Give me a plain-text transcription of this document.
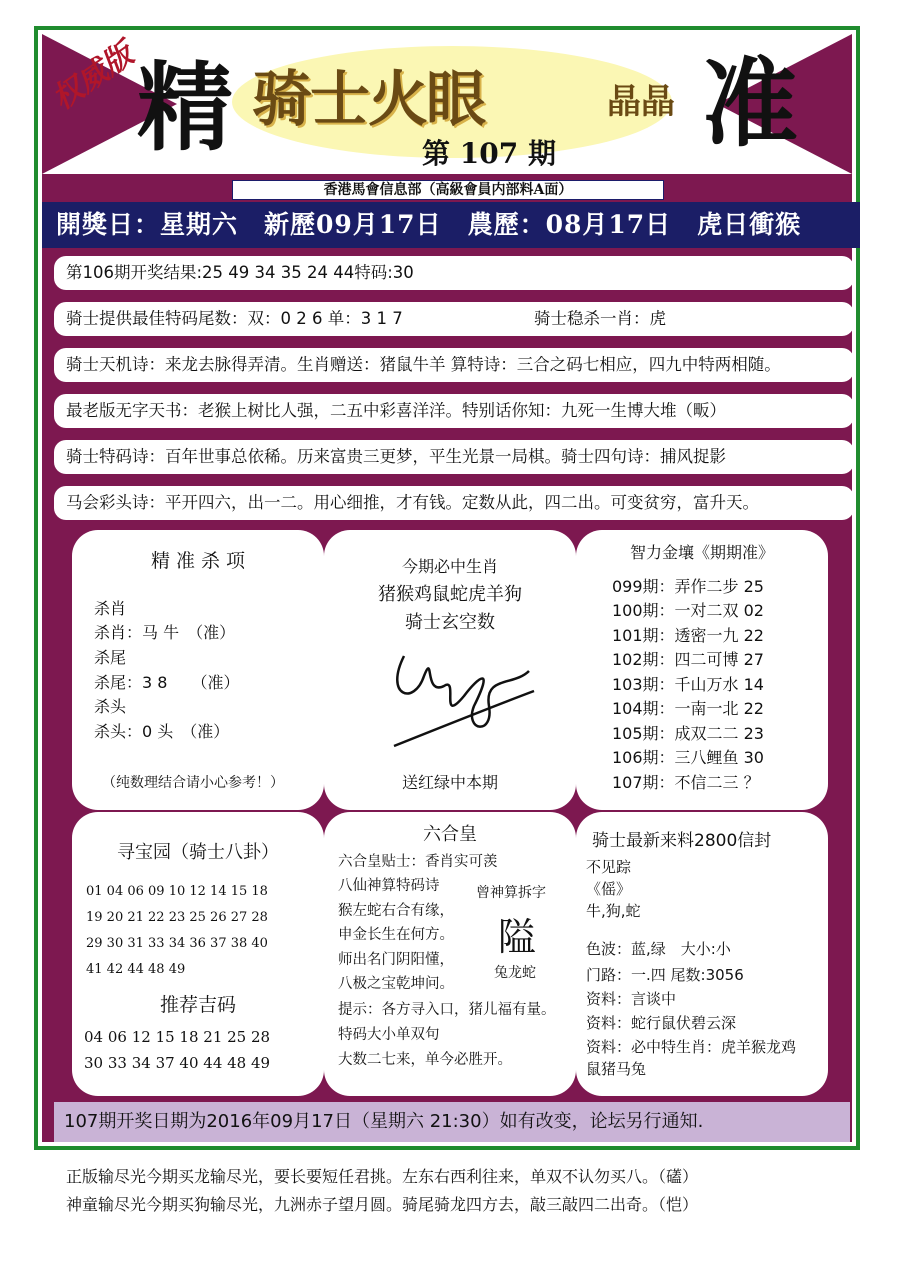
权威版
精	准
骑士火眼	晶晶
第 107 期
香港馬會信息部（高級會員内部料A面）
開獎日：星期六　新歷09月17日　農歷：08月17日　虎日衝猴
第106期开奖结果:25 49 34 35 24 44特码:30
骑士提供最佳特码尾数：双：0 2 6 单：3 1 7	骑士稳杀一肖：虎
骑士天机诗：来龙去脉得弄清。生肖赠送：猪鼠牛羊 算特诗：三合之码七相应，四九中特两相随。
最老版无字天书：老猴上树比人强，二五中彩喜洋洋。特别话你知：九死一生博大堆（畈）
骑士特码诗：百年世事总依稀。历来富贵三更梦，平生光景一局棋。骑士四句诗：捕风捉影
马会彩头诗：平开四六，出一二。用心细推，才有钱。定数从此，四二出。可变贫穷，富升天。
精 准 杀 项
杀肖
杀肖：马 牛　（准）
杀尾
杀尾：3 8　　（准）
杀头
杀头：0 头　（准）
（纯数理结合请小心参考！）
今期必中生肖
猪猴鸡鼠蛇虎羊狗
骑士玄空数
送红绿中本期
智力金壤《期期准》
099期：弄作二步 25
100期：一对二双 02
101期：透密一九 22
102期：四二可博 27
103期：千山万水 14
104期：一南一北 22
105期：成双二二 23
106期：三八鲤鱼 30
107期：不信二三 ？
寻宝园（骑士八卦）
01 04 06 09 10 12 14 15 18
19 20 21 22 23 25 26 27 28
29 30 31 33 34 36 37 38 40
41 42 44 48 49
推荐吉码
04 06 12 15 18 21 25 28
30 33 34 37 40 44 48 49
六合皇
六合皇贴士：香肖实可羡
八仙神算特码诗
猴左蛇右合有缘，
申金长生在何方。
师出名门阴阳懂，
八极之宝乾坤问。
提示：各方寻入口，猪儿福有量。
特码大小单双句
大数二七来，单今必胜开。
曾神算拆字
隘
兔龙蛇
骑士最新来料2800信封
不见踪
《傜》
牛,狗,蛇
色波：蓝,绿　大小:小
门路：一.四 尾数:3056
资料：言谈中
资料：蛇行鼠伏碧云深
资料：必中特生肖：虎羊猴龙鸡
鼠猪马兔
107期开奖日期为2016年09月17日（星期六 21:30）如有改变，论坛另行通知.
正版输尽光今期买龙输尽光，要长要短任君挑。左东右西利往来，单双不认勿买八。（礚）
神童输尽光今期买狗输尽光，九洲赤子望月圆。骑尾骑龙四方去，敲三敲四二出奇。（恺）
